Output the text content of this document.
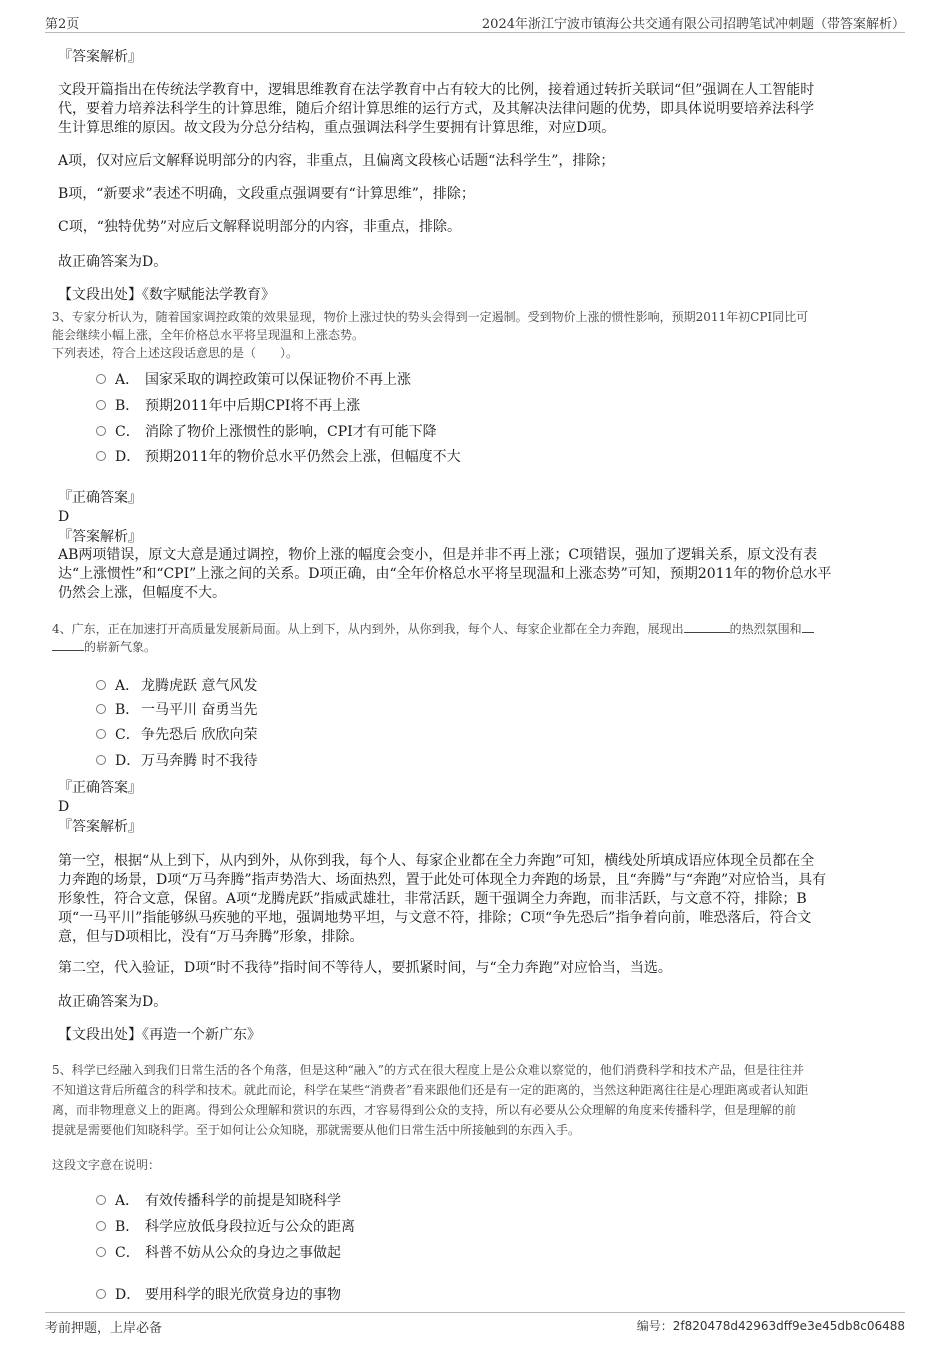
第2页	2024年浙江宁波市镇海公共交通有限公司招聘笔试冲刺题（带答案解析）
『答案解析』
文段开篇指出在传统法学教育中，逻辑思维教育在法学教育中占有较大的比例，接着通过转折关联词“但”强调在人工智能时
代，要着力培养法科学生的计算思维，随后介绍计算思维的运行方式，及其解决法律问题的优势，即具体说明要培养法科学
生计算思维的原因。故文段为分总分结构，重点强调法科学生要拥有计算思维，对应D项。
A项，仅对应后文解释说明部分的内容，非重点，且偏离文段核心话题“法科学生”，排除；
B项，“新要求”表述不明确，文段重点强调要有“计算思维”，排除；
C项，“独特优势”对应后文解释说明部分的内容，非重点，排除。
故正确答案为D。
【文段出处】《数字赋能法学教育》
3、专家分析认为，随着国家调控政策的效果显现，物价上涨过快的势头会得到一定遏制。受到物价上涨的惯性影响，预期2011年初CPI同比可
能会继续小幅上涨，全年价格总水平将呈现温和上涨态势。
下列表述，符合上述这段话意思的是（　　）。
A． 国家采取的调控政策可以保证物价不再上涨
B． 预期2011年中后期CPI将不再上涨
C． 消除了物价上涨惯性的影响，CPI才有可能下降
D． 预期2011年的物价总水平仍然会上涨，但幅度不大
『正确答案』
D
『答案解析』
AB两项错误，原文大意是通过调控，物价上涨的幅度会变小，但是并非不再上涨；C项错误，强加了逻辑关系，原文没有表
达“上涨惯性”和“CPI”上涨之间的关系。D项正确，由“全年价格总水平将呈现温和上涨态势”可知，预期2011年的物价总水平
仍然会上涨，但幅度不大。
4、广东，正在加速打开高质量发展新局面。从上到下，从内到外，从你到我，每个人、每家企业都在全力奔跑，展现出	的热烈氛围和
的崭新气象。
A． 龙腾虎跃 意气风发
B． 一马平川 奋勇当先
C．争先恐后 欣欣向荣
D．万马奔腾 时不我待
『正确答案』
D
『答案解析』
第一空，根据“从上到下，从内到外，从你到我，每个人、每家企业都在全力奔跑”可知，横线处所填成语应体现全员都在全
力奔跑的场景，D项“万马奔腾”指声势浩大、场面热烈，置于此处可体现全力奔跑的场景，且“奔腾”与“奔跑”对应恰当，具有
形象性，符合文意，保留。A项“龙腾虎跃”指威武雄壮，非常活跃，题干强调全力奔跑，而非活跃，与文意不符，排除；B
项“一马平川”指能够纵马疾驰的平地，强调地势平坦，与文意不符，排除；C项“争先恐后”指争着向前，唯恐落后，符合文
意，但与D项相比，没有“万马奔腾”形象，排除。
第二空，代入验证，D项“时不我待”指时间不等待人，要抓紧时间，与“全力奔跑”对应恰当，当选。
故正确答案为D。
【文段出处】《再造一个新广东》
5、科学已经融入到我们日常生活的各个角落，但是这种“融入”的方式在很大程度上是公众难以察觉的，他们消费科学和技术产品，但是往往并
不知道这背后所蕴含的科学和技术。就此而论，科学在某些“消费者”看来跟他们还是有一定的距离的，当然这种距离往往是心理距离或者认知距
离，而非物理意义上的距离。得到公众理解和赏识的东西，才容易得到公众的支持，所以有必要从公众理解的角度来传播科学，但是理解的前
提就是需要他们知晓科学。至于如何让公众知晓，那就需要从他们日常生活中所接触到的东西入手。
这段文字意在说明：
A． 有效传播科学的前提是知晓科学
B． 科学应放低身段拉近与公众的距离
C． 科普不妨从公众的身边之事做起
D． 要用科学的眼光欣赏身边的事物
考前押题，上岸必备	编号：2f820478d42963dff9e3e45db8c06488
